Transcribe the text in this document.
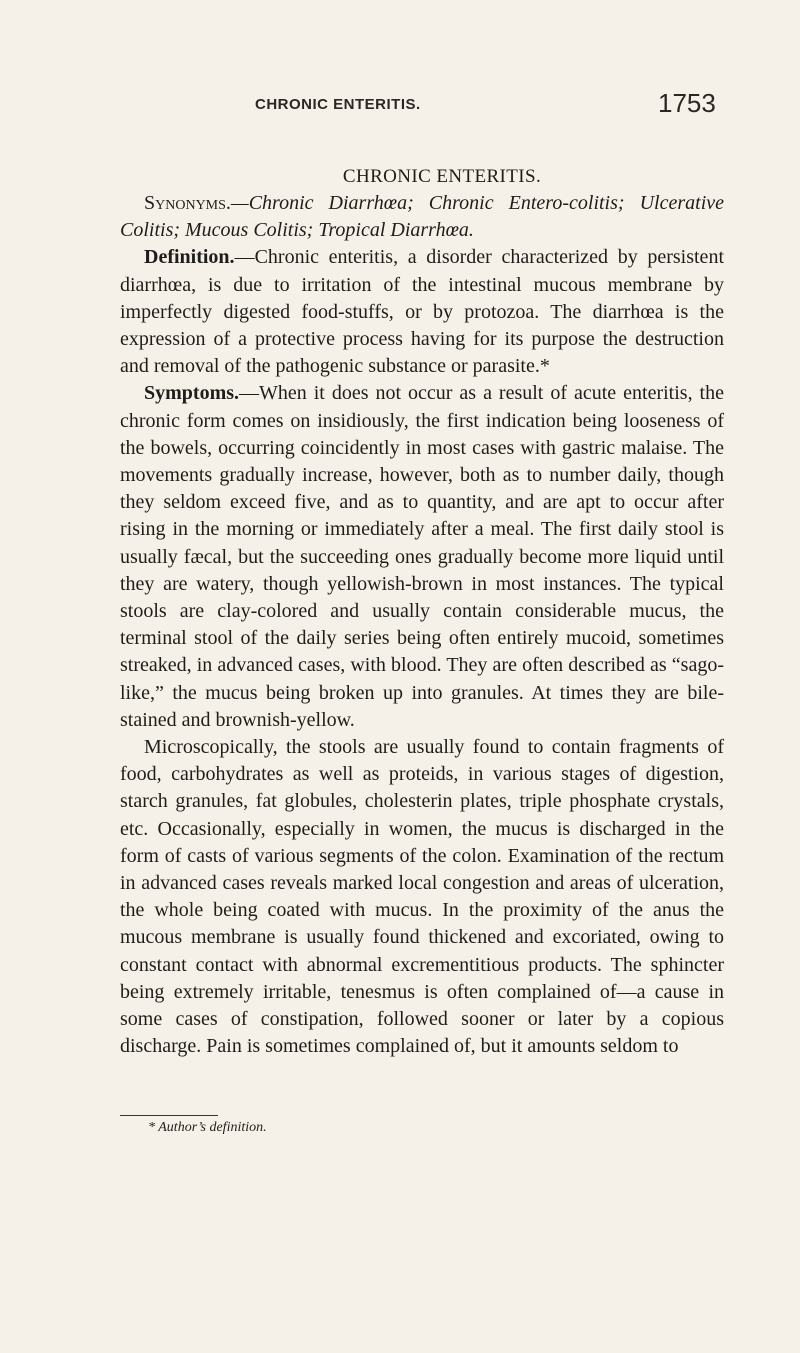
CHRONIC ENTERITIS.	1753

CHRONIC ENTERITIS.

Synonyms.—Chronic Diarrhœa; Chronic Entero-colitis; Ulcerative Colitis; Mucous Colitis; Tropical Diarrhœa.

Definition.—Chronic enteritis, a disorder characterized by persistent diarrhœa, is due to irritation of the intestinal mucous membrane by imperfectly digested food-stuffs, or by protozoa. The diarrhœa is the expression of a protective process having for its purpose the destruction and removal of the pathogenic substance or parasite.*

Symptoms.—When it does not occur as a result of acute enteritis, the chronic form comes on insidiously, the first indication being looseness of the bowels, occurring coincidently in most cases with gastric malaise. The movements gradually increase, however, both as to number daily, though they seldom exceed five, and as to quantity, and are apt to occur after rising in the morning or immediately after a meal. The first daily stool is usually fæcal, but the succeeding ones gradually become more liquid until they are watery, though yellowish-brown in most instances. The typical stools are clay-colored and usually contain considerable mucus, the terminal stool of the daily series being often entirely mucoid, sometimes streaked, in advanced cases, with blood. They are often described as “sago-like,” the mucus being broken up into granules. At times they are bile-stained and brownish-yellow.

Microscopically, the stools are usually found to contain fragments of food, carbohydrates as well as proteids, in various stages of digestion, starch granules, fat globules, cholesterin plates, triple phosphate crystals, etc. Occasionally, especially in women, the mucus is discharged in the form of casts of various segments of the colon. Examination of the rectum in advanced cases reveals marked local congestion and areas of ulceration, the whole being coated with mucus. In the proximity of the anus the mucous membrane is usually found thickened and excoriated, owing to constant contact with abnormal excrementitious products. The sphincter being extremely irritable, tenesmus is often complained of—a cause in some cases of constipation, followed sooner or later by a copious discharge. Pain is sometimes complained of, but it amounts seldom to

* Author’s definition.
